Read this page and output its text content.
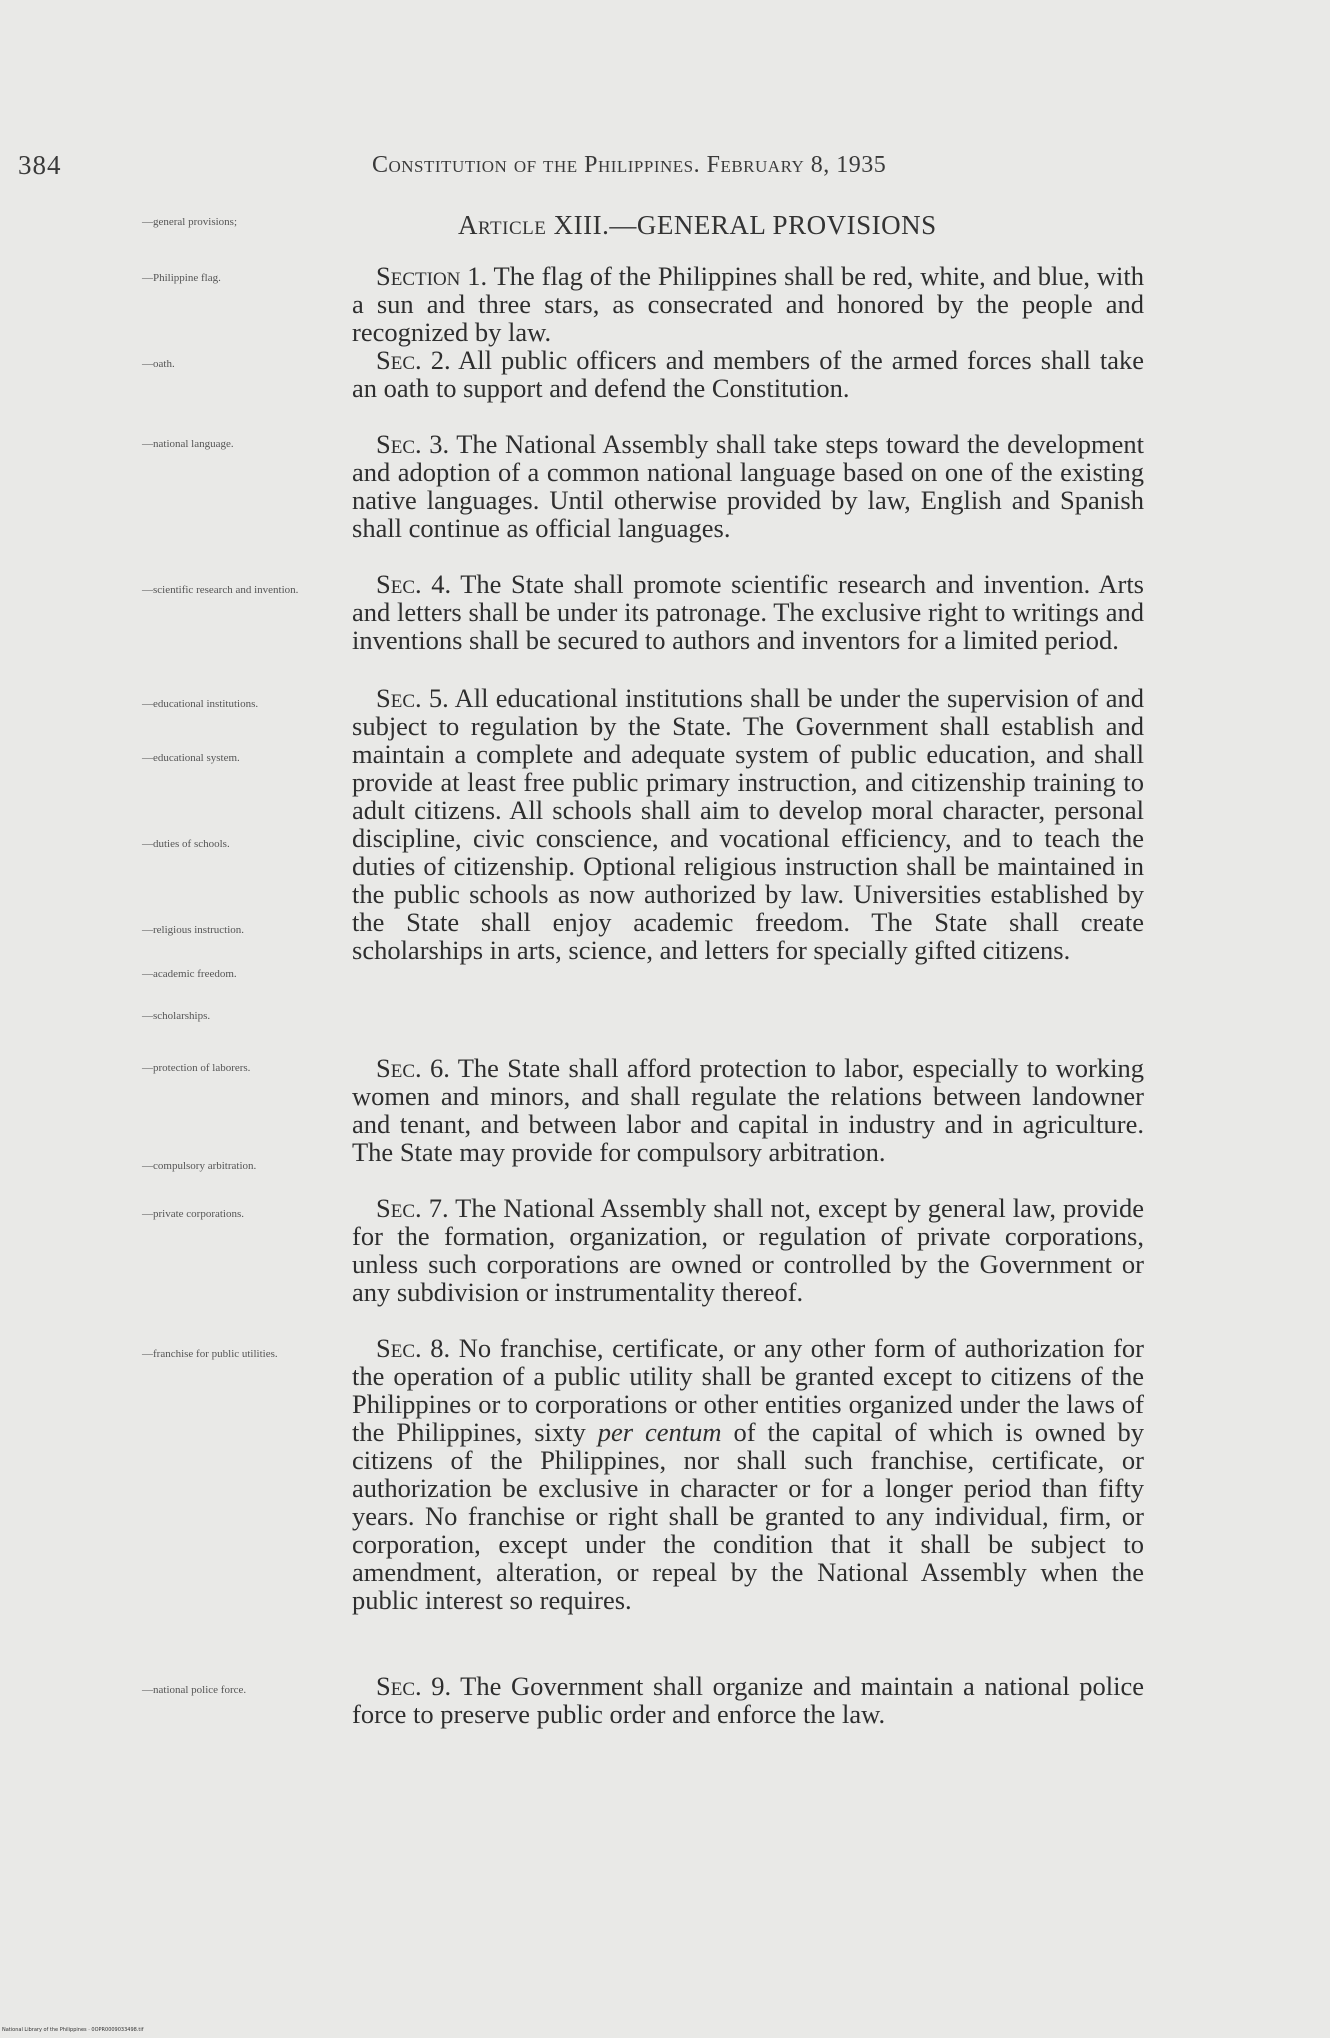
384	Constitution of the Philippines. February 8, 1935
Article XIII.—GENERAL PROVISIONS
—general provisions;
—Philippine flag.
—oath.
—national language.
—scientific research and invention.
—educational institutions.
—educational system.
—duties of schools.
—religious instruction.
—academic freedom.
—scholarships.
—protection of laborers.
—compulsory arbitration.
—private corporations.
—franchise for public utilities.
—national police force.
Section 1. The flag of the Philippines shall be red, white, and blue, with a sun and three stars, as consecrated and honored by the people and recognized by law.
Sec. 2. All public officers and members of the armed forces shall take an oath to support and defend the Constitution.
Sec. 3. The National Assembly shall take steps toward the development and adoption of a common national language based on one of the existing native languages. Until otherwise provided by law, English and Spanish shall continue as official languages.
Sec. 4. The State shall promote scientific research and invention. Arts and letters shall be under its patronage. The exclusive right to writings and inventions shall be secured to authors and inventors for a limited period.
Sec. 5. All educational institutions shall be under the supervision of and subject to regulation by the State. The Government shall establish and maintain a complete and adequate system of public education, and shall provide at least free public primary instruction, and citizenship training to adult citizens. All schools shall aim to develop moral character, personal discipline, civic conscience, and vocational efficiency, and to teach the duties of citizenship. Optional religious instruction shall be maintained in the public schools as now authorized by law. Universities established by the State shall enjoy academic freedom. The State shall create scholarships in arts, science, and letters for specially gifted citizens.
Sec. 6. The State shall afford protection to labor, especially to working women and minors, and shall regulate the relations between landowner and tenant, and between labor and capital in industry and in agriculture. The State may provide for compulsory arbitration.
Sec. 7. The National Assembly shall not, except by general law, provide for the formation, organization, or regulation of private corporations, unless such corporations are owned or controlled by the Government or any subdivision or instrumentality thereof.
Sec. 8. No franchise, certificate, or any other form of authorization for the operation of a public utility shall be granted except to citizens of the Philippines or to corporations or other entities organized under the laws of the Philippines, sixty per centum of the capital of which is owned by citizens of the Philippines, nor shall such franchise, certificate, or authorization be exclusive in character or for a longer period than fifty years. No franchise or right shall be granted to any individual, firm, or corporation, except under the condition that it shall be subject to amendment, alteration, or repeal by the National Assembly when the public interest so requires.
Sec. 9. The Government shall organize and maintain a national police force to preserve public order and enforce the law.
National Library of the Philippines · 0OPR0009033498.tif
